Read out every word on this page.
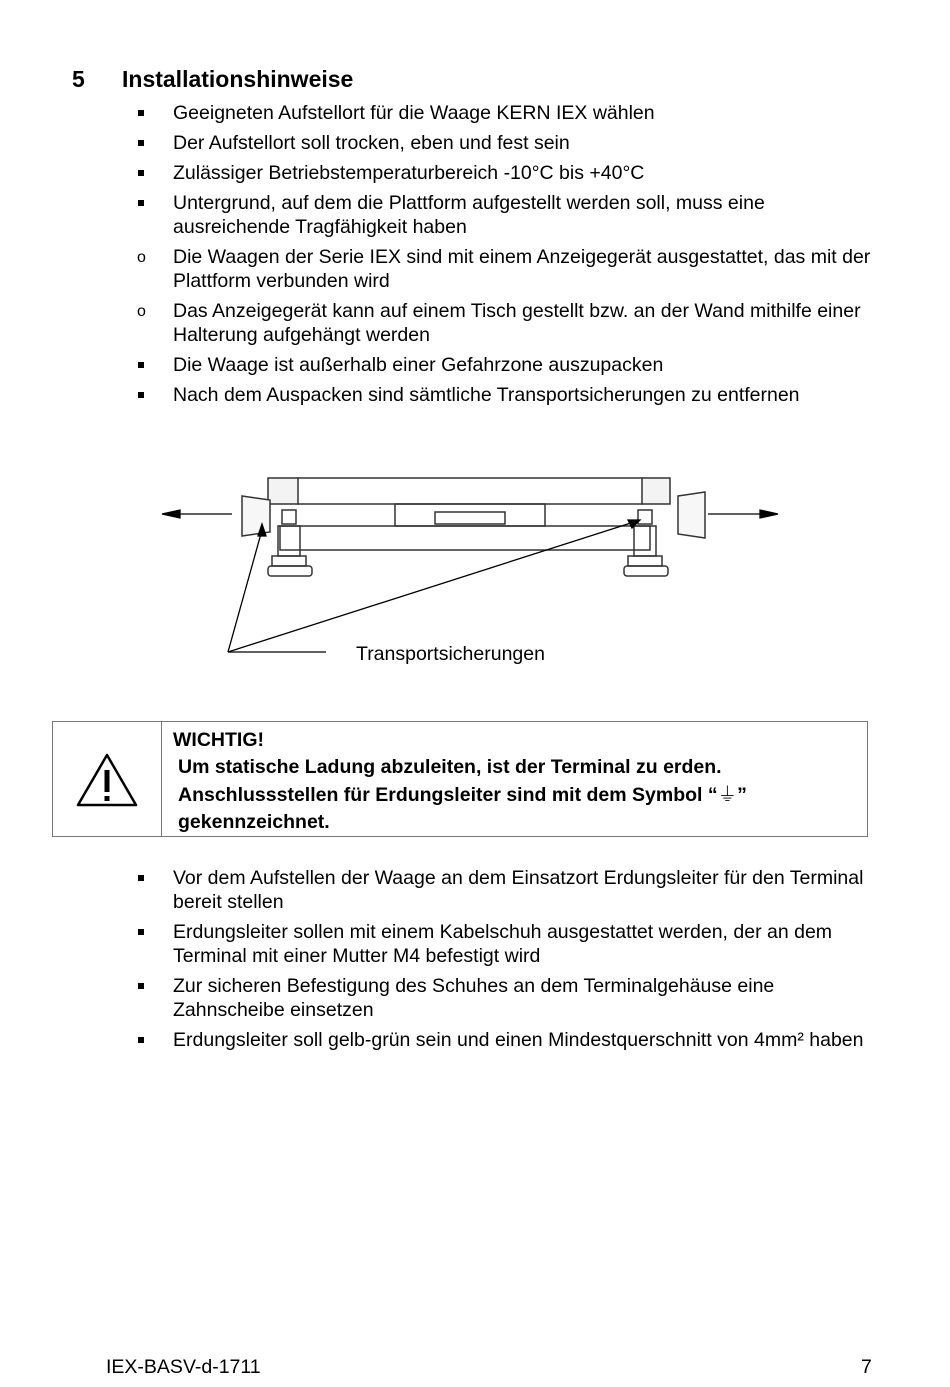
5 Installationshinweise
Geeigneten Aufstellort für die Waage KERN IEX wählen
Der Aufstellort soll trocken, eben und fest sein
Zulässiger Betriebstemperaturbereich -10°C bis +40°C
Untergrund, auf dem die Plattform aufgestellt werden soll, muss eine ausreichende Tragfähigkeit haben
o Die Waagen der Serie IEX sind mit einem Anzeigegerät ausgestattet, das mit der Plattform verbunden wird
o Das Anzeigegerät kann auf einem Tisch gestellt bzw. an der Wand mithilfe einer Halterung aufgehängt werden
Die Waage ist außerhalb einer Gefahrzone auszupacken
Nach dem Auspacken sind sämtliche Transportsicherungen zu entfernen
Transportsicherungen
WICHTIG!
Um statische Ladung abzuleiten, ist der Terminal zu erden.
Anschlussstellen für Erdungsleiter sind mit dem Symbol “⏚”
gekennzeichnet.
Vor dem Aufstellen der Waage an dem Einsatzort Erdungsleiter für den Terminal bereit stellen
Erdungsleiter sollen mit einem Kabelschuh ausgestattet werden, der an dem Terminal mit einer Mutter M4 befestigt wird
Zur sicheren Befestigung des Schuhes an dem Terminalgehäuse eine Zahnscheibe einsetzen
Erdungsleiter soll gelb-grün sein und einen Mindestquerschnitt von 4mm² haben
IEX-BASV-d-1711	7
